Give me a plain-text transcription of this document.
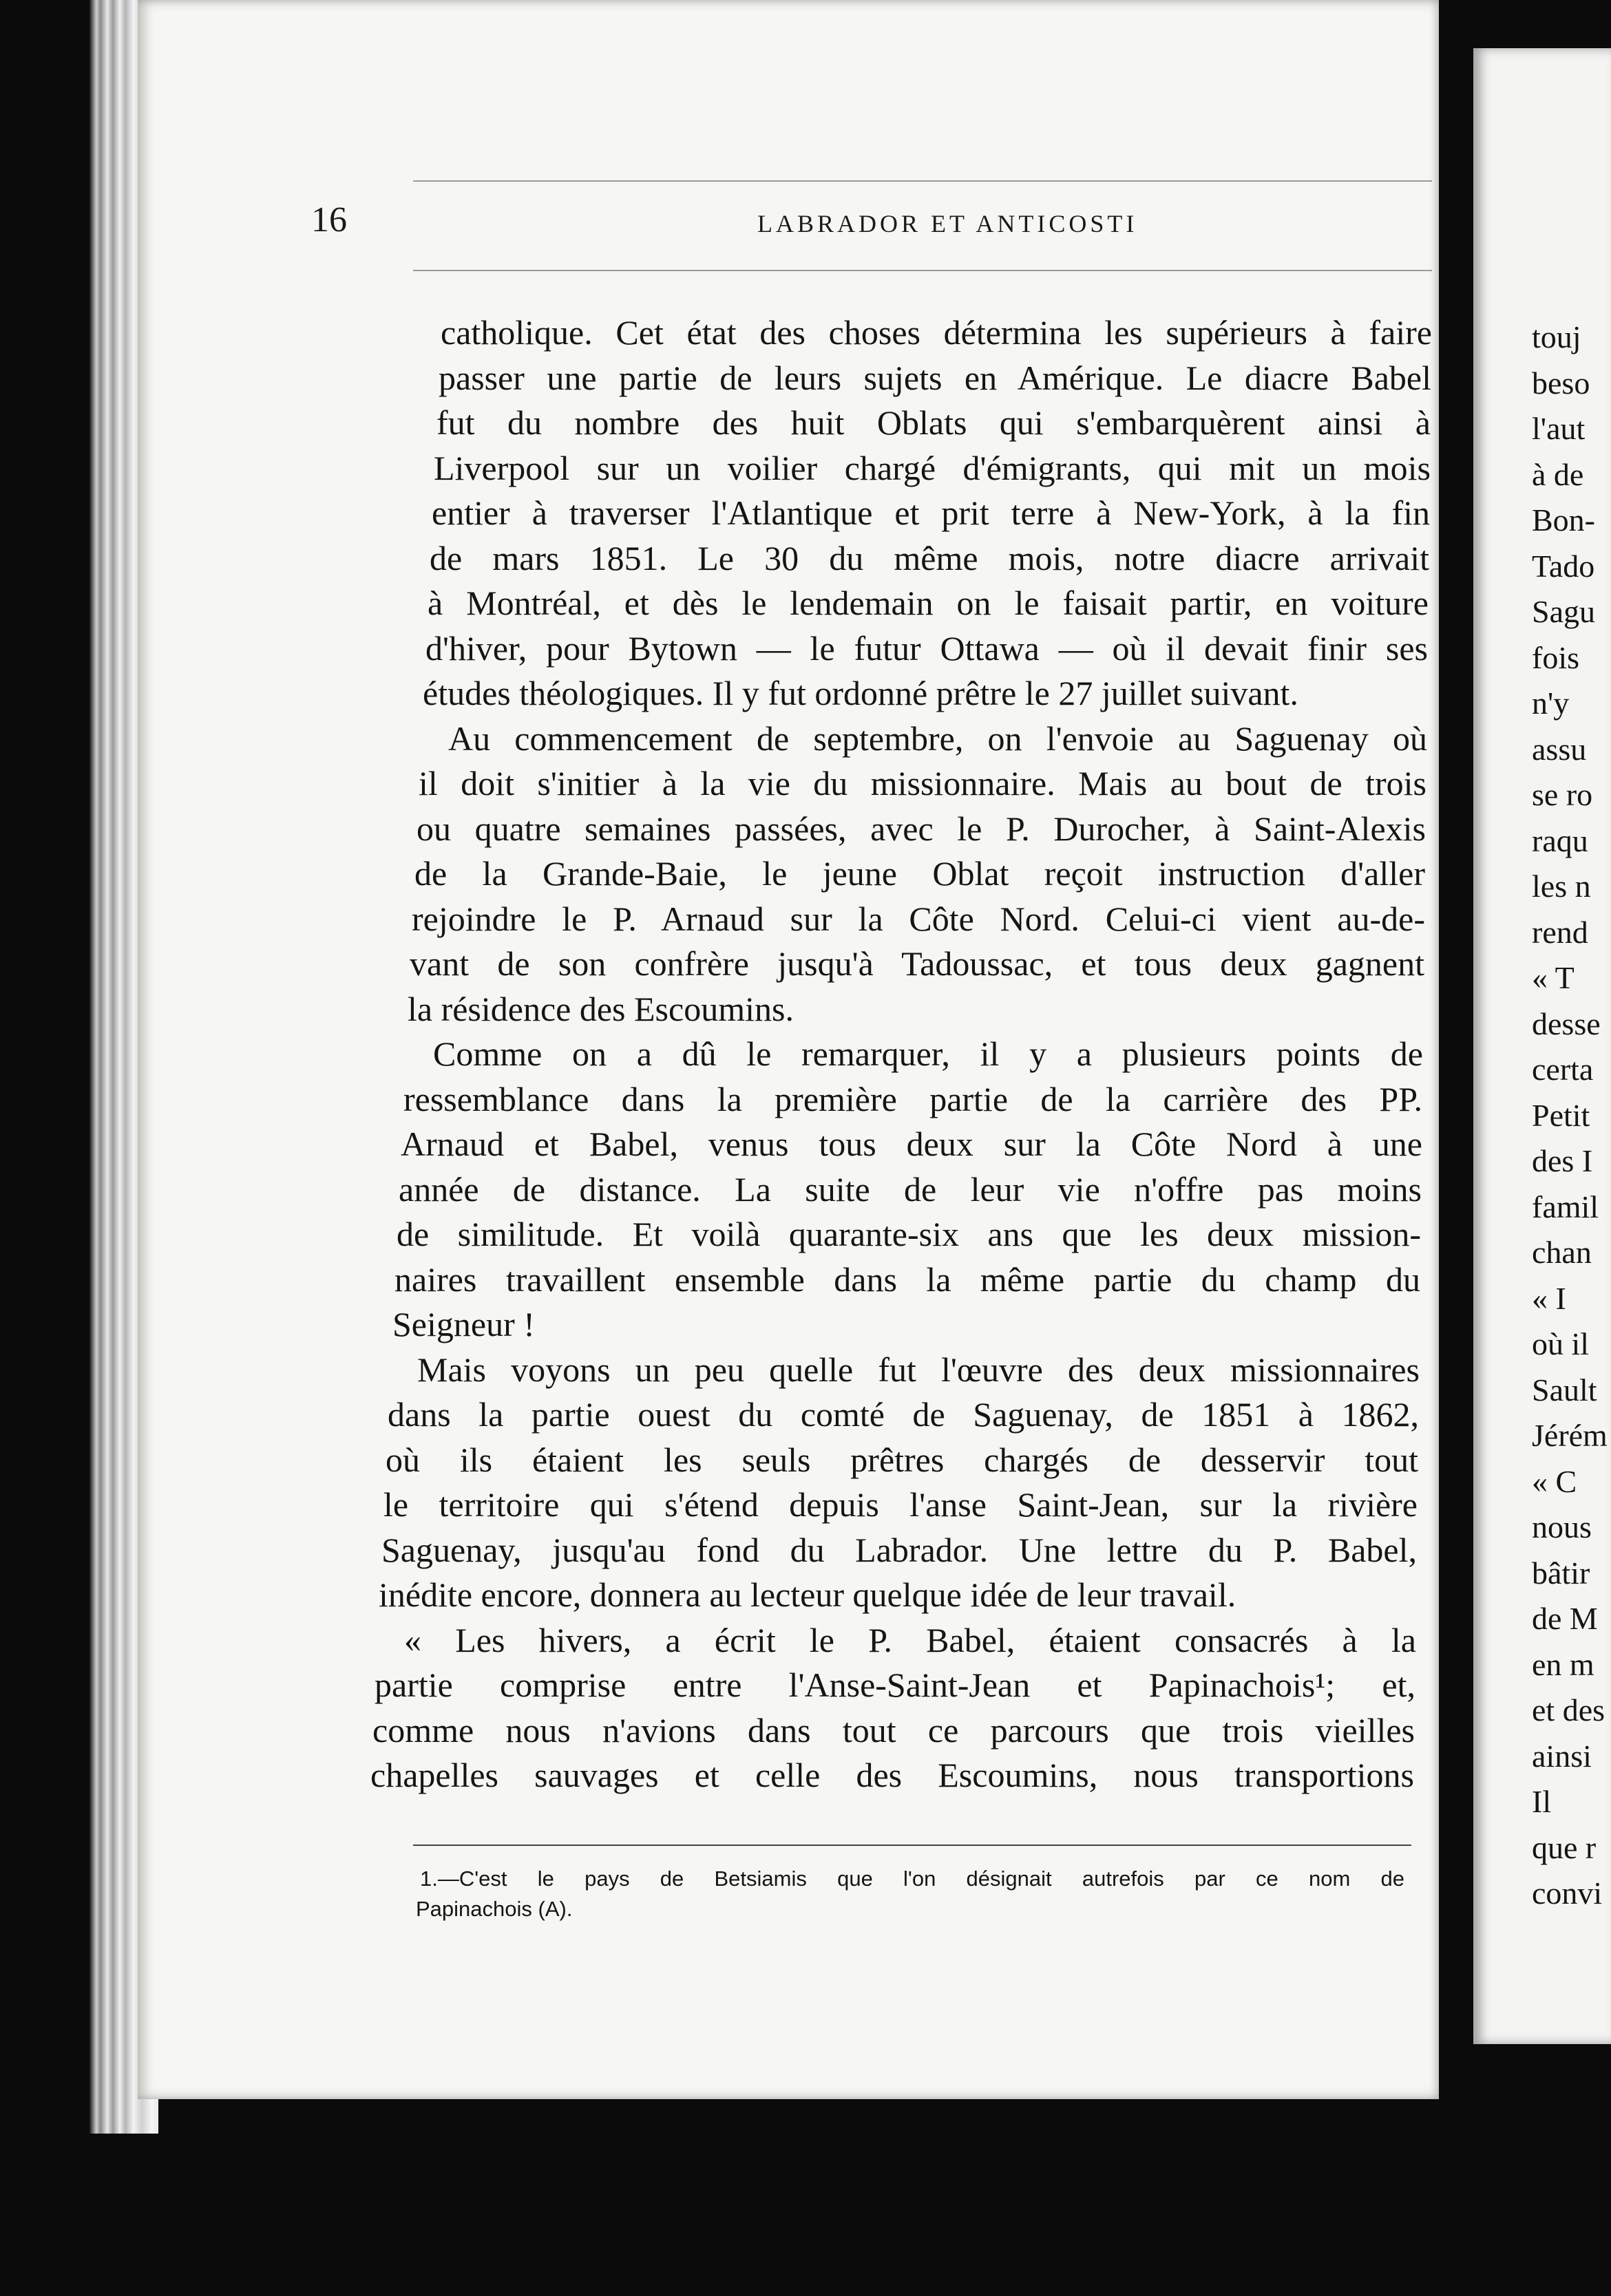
touj
beso
l'aut
à de
Bon-
Tado
Sagu
fois
n'y
assu
se ro
raqu
les n
rend
« T
desse
certa
Petit
des I
famil
chan
« I
où il
Sault
Jérém
« C
nous
bâtir
de M
en m
et des
ainsi
Il
que r
convi
16	LABRADOR ET ANTICOSTI
catholique. Cet état des choses détermina les supérieurs à faire
passer une partie de leurs sujets en Amérique. Le diacre Babel
fut du nombre des huit Oblats qui s'embarquèrent ainsi à
Liverpool sur un voilier chargé d'émigrants, qui mit un mois
entier à traverser l'Atlantique et prit terre à New-York, à la fin
de mars 1851. Le 30 du même mois, notre diacre arrivait
à Montréal, et dès le lendemain on le faisait partir, en voiture
d'hiver, pour Bytown — le futur Ottawa — où il devait finir ses
études théologiques. Il y fut ordonné prêtre le 27 juillet suivant.
Au commencement de septembre, on l'envoie au Saguenay où
il doit s'initier à la vie du missionnaire. Mais au bout de trois
ou quatre semaines passées, avec le P. Durocher, à Saint-Alexis
de la Grande-Baie, le jeune Oblat reçoit instruction d'aller
rejoindre le P. Arnaud sur la Côte Nord. Celui-ci vient au-de-
vant de son confrère jusqu'à Tadoussac, et tous deux gagnent
la résidence des Escoumins.
Comme on a dû le remarquer, il y a plusieurs points de
ressemblance dans la première partie de la carrière des PP.
Arnaud et Babel, venus tous deux sur la Côte Nord à une
année de distance. La suite de leur vie n'offre pas moins
de similitude. Et voilà quarante-six ans que les deux mission-
naires travaillent ensemble dans la même partie du champ du
Seigneur !
Mais voyons un peu quelle fut l'œuvre des deux missionnaires
dans la partie ouest du comté de Saguenay, de 1851 à 1862,
où ils étaient les seuls prêtres chargés de desservir tout
le territoire qui s'étend depuis l'anse Saint-Jean, sur la rivière
Saguenay, jusqu'au fond du Labrador. Une lettre du P. Babel,
inédite encore, donnera au lecteur quelque idée de leur travail.
« Les hivers, a écrit le P. Babel, étaient consacrés à la
partie comprise entre l'Anse-Saint-Jean et Papinachois¹; et,
comme nous n'avions dans tout ce parcours que trois vieilles
chapelles sauvages et celle des Escoumins, nous transportions
1.—C'est le pays de Betsiamis que l'on désignait autrefois par ce nom de
Papinachois (A).
